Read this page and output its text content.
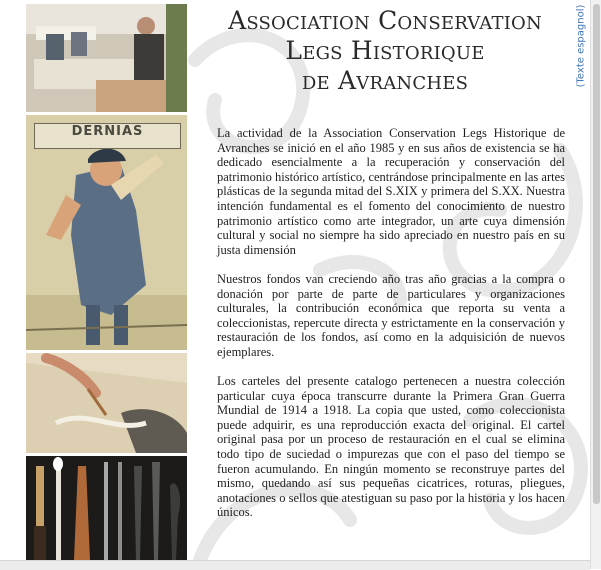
DERNIAS
Association Conservation
Legs Historique
de Avranches	(Texte espagnol)

La actividad de la Association Conservation Legs Historique de Avranches se inició en el año 1985 y en sus años de existencia se ha dedicado esencialmente a la recuperación y conservación del patrimonio histórico artístico, centrándose principalmente en las artes plásticas de la segunda mitad del S.XIX y primera del S.XX. Nuestra intención fundamental es el fomento del conocimiento de nuestro patrimonio artístico como arte integrador, un arte cuya dimensión cultural y social no siempre ha sido apreciado en nuestro país en su justa dimensión

Nuestros fondos van creciendo año tras año gracias a la compra o donación por parte de parte de particulares y organizaciones culturales, la contribución económica que reporta su venta a coleccionistas, repercute directa y estrictamente en la conservación y restauración de los fondos, así como en la adquisición de nuevos ejemplares.

Los carteles del presente catalogo pertenecen a nuestra colección particular cuya época transcurre durante la Primera Gran Guerra Mundial de 1914 a 1918. La copia que usted, como coleccionista puede adquirir, es una reproducción exacta del original. El cartel original pasa por un proceso de restauración en el cual se elimina todo tipo de suciedad o impurezas que con el paso del tiempo se fueron acumulando. En ningún momento se reconstruye partes del mismo, quedando así sus pequeñas cicatrices, roturas, pliegues, anotaciones o sellos que atestiguan su paso por la historia y los hacen únicos.
